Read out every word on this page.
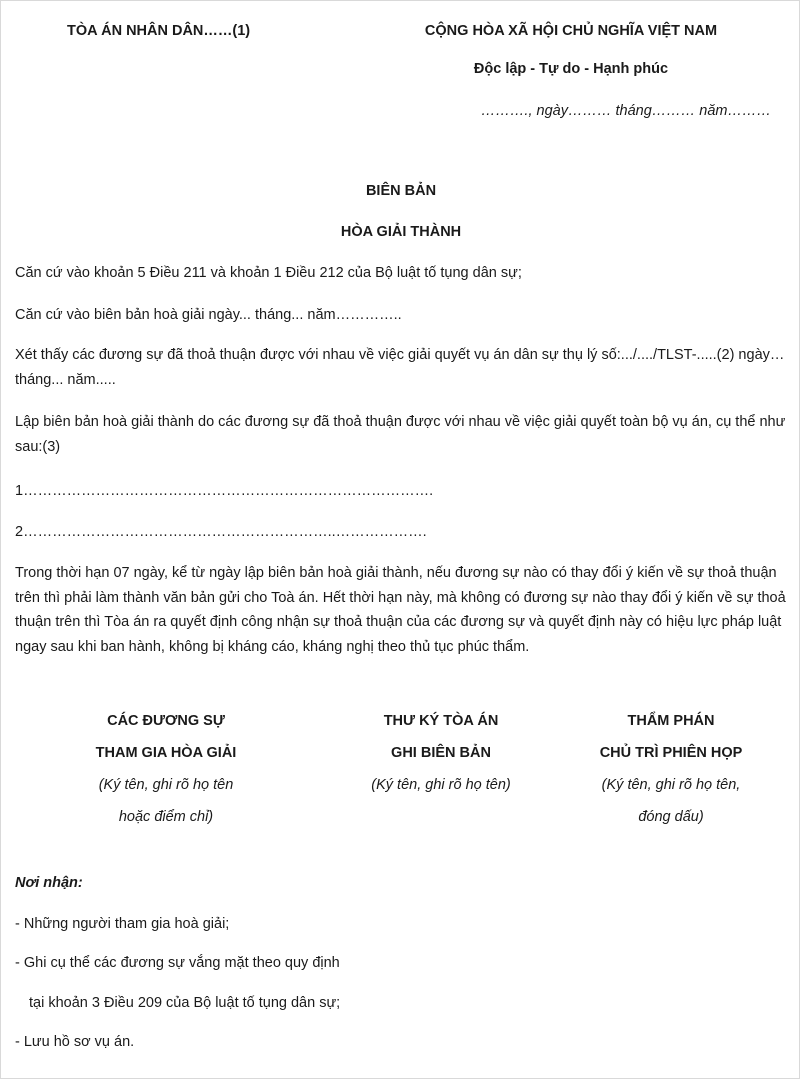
TÒA ÁN NHÂN DÂN……(1)	CỘNG HÒA XÃ HỘI CHỦ NGHĨA VIỆT NAM
Độc lập - Tự do - Hạnh phúc
………., ngày……… tháng……… năm………
BIÊN BẢN
HÒA GIẢI THÀNH
Căn cứ vào khoản 5 Điều 211 và khoản 1 Điều 212 của Bộ luật tố tụng dân sự;
Căn cứ vào biên bản hoà giải ngày... tháng... năm…………..
Xét thấy các đương sự đã thoả thuận được với nhau về việc giải quyết vụ án dân sự thụ lý số:.../..../TLST-.....(2) ngày…tháng... năm.....
Lập biên bản hoà giải thành do các đương sự đã thoả thuận được với nhau về việc giải quyết toàn bộ vụ án, cụ thể như sau:(3)
1………………………………………………………………………….
2………………………………………………………..……………….
Trong thời hạn 07 ngày, kể từ ngày lập biên bản hoà giải thành, nếu đương sự nào có thay đổi ý kiến về sự thoả thuận trên thì phải làm thành văn bản gửi cho Toà án. Hết thời hạn này, mà không có đương sự nào thay đổi ý kiến về sự thoả thuận trên thì Tòa án ra quyết định công nhận sự thoả thuận của các đương sự và quyết định này có hiệu lực pháp luật ngay sau khi ban hành, không bị kháng cáo, kháng nghị theo thủ tục phúc thẩm.
CÁC ĐƯƠNG SỰ
THAM GIA HÒA GIẢI
(Ký tên, ghi rõ họ tên
hoặc điểm chỉ)
THƯ KÝ TÒA ÁN
GHI BIÊN BẢN
(Ký tên, ghi rõ họ tên)
THẨM PHÁN
CHỦ TRÌ PHIÊN HỌP
(Ký tên, ghi rõ họ tên,
đóng dấu)
Nơi nhận:
- Những người tham gia hoà giải;
- Ghi cụ thể các đương sự vắng mặt theo quy định
tại khoản 3 Điều 209 của Bộ luật tố tụng dân sự;
- Lưu hồ sơ vụ án.
